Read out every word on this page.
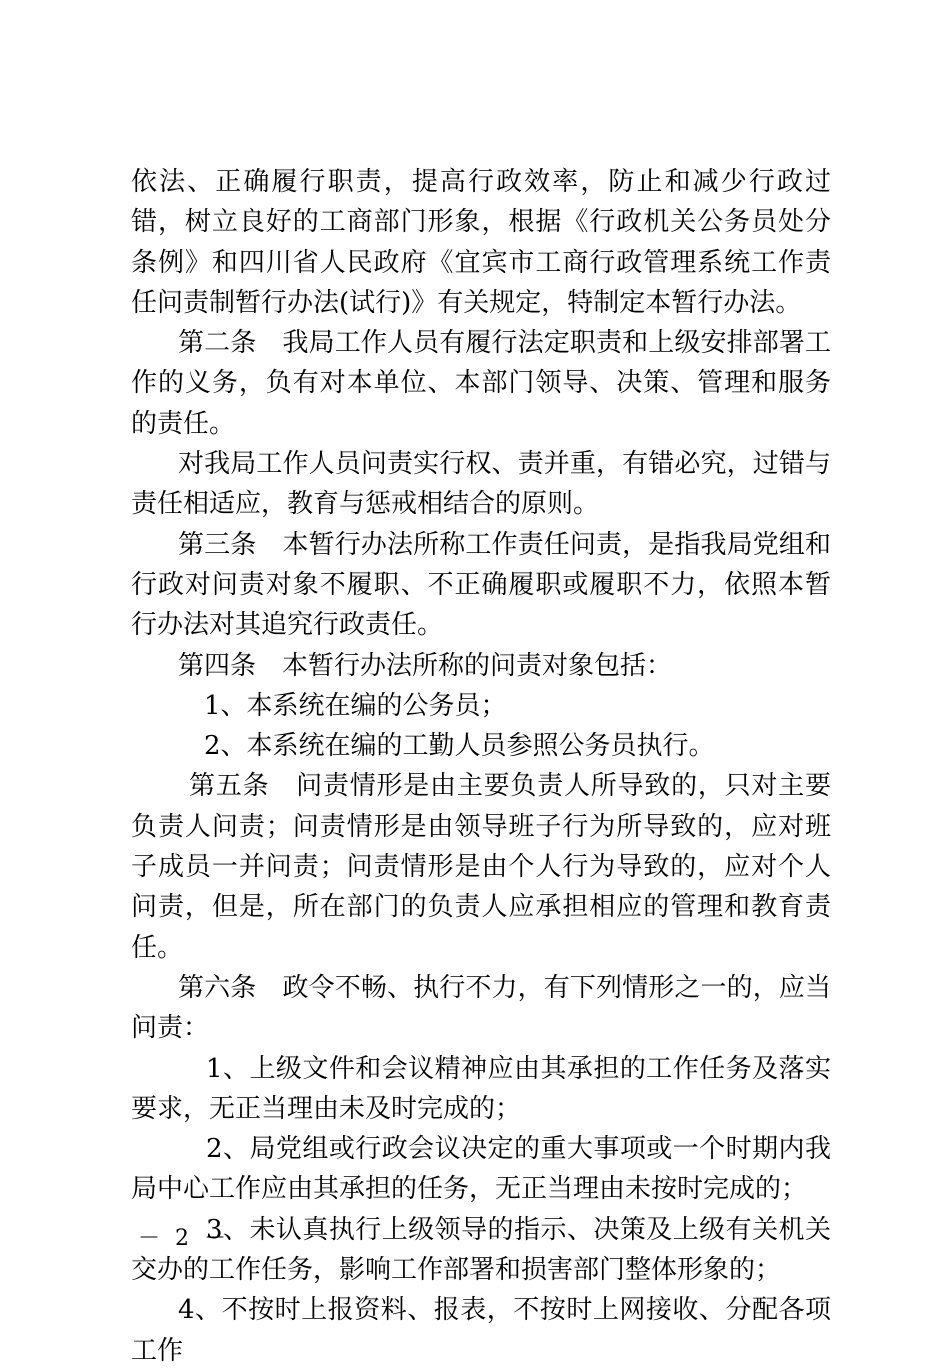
依法、正确履行职责，提高行政效率，防止和减少行政过错，树立良好的工商部门形象，根据《行政机关公务员处分条例》和四川省人民政府《宜宾市工商行政管理系统工作责任问责制暂行办法(试行)》有关规定，特制定本暂行办法。

第二条　我局工作人员有履行法定职责和上级安排部署工作的义务，负有对本单位、本部门领导、决策、管理和服务的责任。

对我局工作人员问责实行权、责并重，有错必究，过错与责任相适应，教育与惩戒相结合的原则。

第三条　本暂行办法所称工作责任问责，是指我局党组和行政对问责对象不履职、不正确履职或履职不力，依照本暂行办法对其追究行政责任。

第四条　本暂行办法所称的问责对象包括：

1、本系统在编的公务员；

2、本系统在编的工勤人员参照公务员执行。

第五条　问责情形是由主要负责人所导致的，只对主要负责人问责；问责情形是由领导班子行为所导致的，应对班子成员一并问责；问责情形是由个人行为导致的，应对个人问责，但是，所在部门的负责人应承担相应的管理和教育责任。

第六条　政令不畅、执行不力，有下列情形之一的，应当问责：

1、上级文件和会议精神应由其承担的工作任务及落实要求，无正当理由未及时完成的；

2、局党组或行政会议决定的重大事项或一个时期内我局中心工作应由其承担的任务，无正当理由未按时完成的；

3、未认真执行上级领导的指示、决策及上级有关机关交办的工作任务，影响工作部署和损害部门整体形象的；

4、不按时上报资料、报表，不按时上网接收、分配各项工作

－ 2 －
